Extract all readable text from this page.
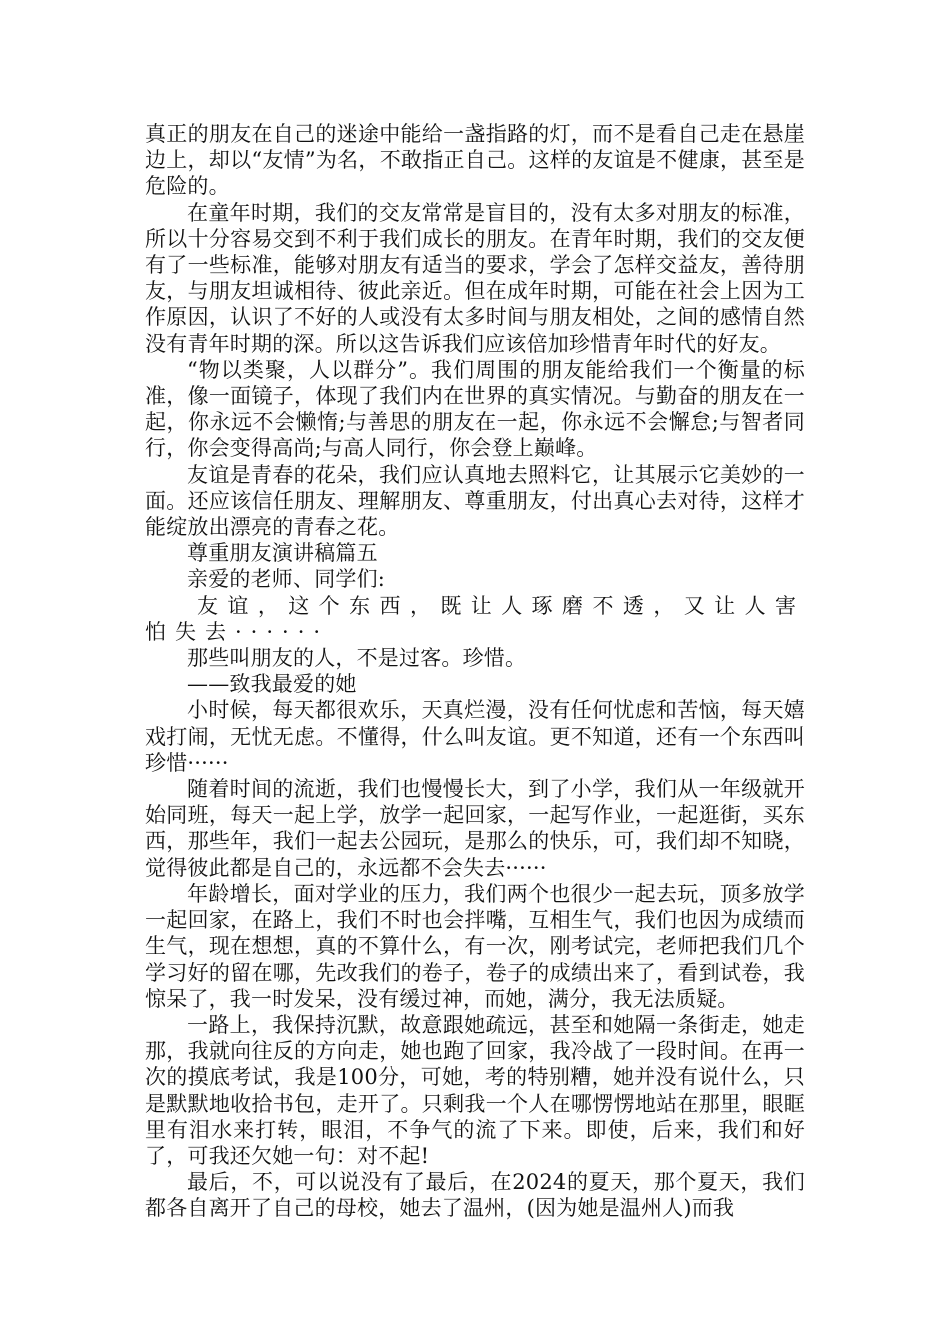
真正的朋友在自己的迷途中能给一盏指路的灯，而不是看自己走在悬崖边上，却以“友情”为名，不敢指正自己。这样的友谊是不健康，甚至是危险的。

在童年时期，我们的交友常常是盲目的，没有太多对朋友的标准，所以十分容易交到不利于我们成长的朋友。在青年时期，我们的交友便有了一些标准，能够对朋友有适当的要求，学会了怎样交益友，善待朋友，与朋友坦诚相待、彼此亲近。但在成年时期，可能在社会上因为工作原因，认识了不好的人或没有太多时间与朋友相处，之间的感情自然没有青年时期的深。所以这告诉我们应该倍加珍惜青年时代的好友。

“物以类聚，人以群分”。我们周围的朋友能给我们一个衡量的标准，像一面镜子，体现了我们内在世界的真实情况。与勤奋的朋友在一起，你永远不会懒惰;与善思的朋友在一起，你永远不会懈怠;与智者同行，你会变得高尚;与高人同行，你会登上巅峰。

友谊是青春的花朵，我们应认真地去照料它，让其展示它美妙的一面。还应该信任朋友、理解朋友、尊重朋友，付出真心去对待，这样才能绽放出漂亮的青春之花。

尊重朋友演讲稿篇五

亲爱的老师、同学们:

友谊，这个东西，既让人琢磨不透，又让人害怕失去······

那些叫朋友的人，不是过客。珍惜。

——致我最爱的她

小时候，每天都很欢乐，天真烂漫，没有任何忧虑和苦恼，每天嬉戏打闹，无忧无虑。不懂得，什么叫友谊。更不知道，还有一个东西叫珍惜······

随着时间的流逝，我们也慢慢长大，到了小学，我们从一年级就开始同班，每天一起上学，放学一起回家，一起写作业，一起逛街，买东西，那些年，我们一起去公园玩，是那么的快乐，可，我们却不知晓，觉得彼此都是自己的，永远都不会失去······

年龄增长，面对学业的压力，我们两个也很少一起去玩，顶多放学一起回家，在路上，我们不时也会拌嘴，互相生气，我们也因为成绩而生气，现在想想，真的不算什么，有一次，刚考试完，老师把我们几个学习好的留在哪，先改我们的卷子，卷子的成绩出来了，看到试卷，我惊呆了，我一时发呆，没有缓过神，而她，满分，我无法质疑。

一路上，我保持沉默，故意跟她疏远，甚至和她隔一条街走，她走那，我就向往反的方向走，她也跑了回家，我冷战了一段时间。在再一次的摸底考试，我是100分，可她，考的特别糟，她并没有说什么，只是默默地收拾书包，走开了。只剩我一个人在哪愣愣地站在那里，眼眶里有泪水来打转，眼泪，不争气的流了下来。即使，后来，我们和好了，可我还欠她一句：对不起!

最后，不，可以说没有了最后，在2024的夏天，那个夏天，我们都各自离开了自己的母校，她去了温州，(因为她是温州人)而我
